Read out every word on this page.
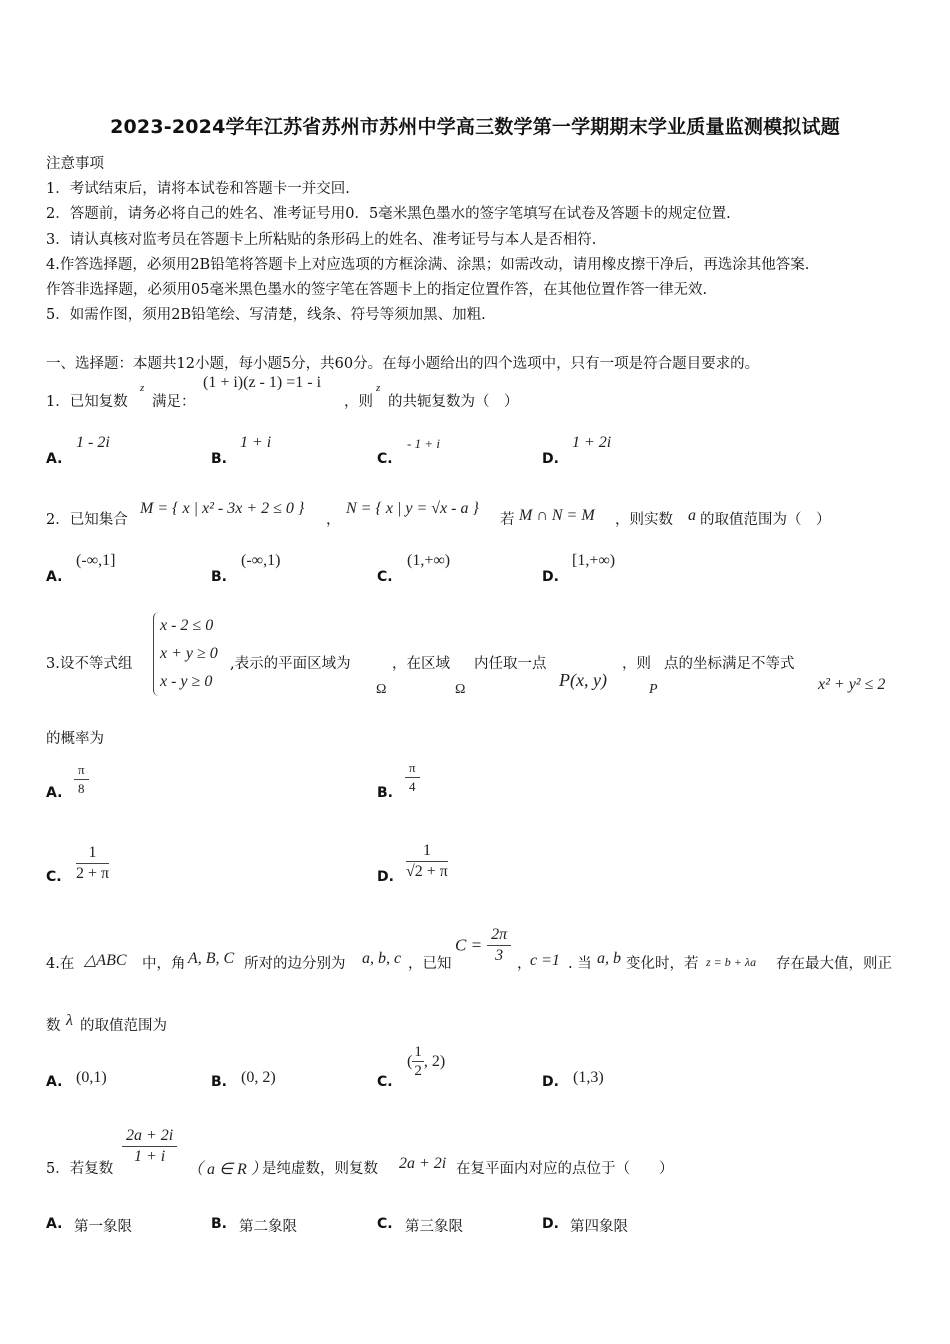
2023-2024学年江苏省苏州市苏州中学高三数学第一学期期末学业质量监测模拟试题
注意事项
1．考试结束后，请将本试卷和答题卡一并交回.
2．答题前，请务必将自己的姓名、准考证号用0．5毫米黑色墨水的签字笔填写在试卷及答题卡的规定位置.
3．请认真核对监考员在答题卡上所粘贴的条形码上的姓名、准考证号与本人是否相符.
4.作答选择题，必须用2B铅笔将答题卡上对应选项的方框涂满、涂黑；如需改动，请用橡皮擦干净后，再选涂其他答案.
作答非选择题，必须用05毫米黑色墨水的签字笔在答题卡上的指定位置作答，在其他位置作答一律无效.
5．如需作图，须用2B铅笔绘、写清楚，线条、符号等须加黑、加粗.
一、选择题：本题共12小题，每小题5分，共60分。在每小题给出的四个选项中，只有一项是符合题目要求的。
1．已知复数
z
满足：
(1 + i)(z - 1) =1 - i
，则
z
的共轭复数为（　）
A.
1 - 2i
B.
1 + i
C.
- 1 + i
D.
1 + 2i
2．已知集合
M = { x | x² - 3x + 2 ≤ 0 }
，
N = { x | y = √x - a }
若 M ∩ N = M ，则实数 a 的取值范围为（　）
A.
(-∞,1]
B.
(-∞,1)
C.
(1,+∞)
D.
[1,+∞)
3.设不等式组
x - 2 ≤ 0
x + y ≥ 0
x - y ≥ 0
,表示的平面区域为
Ω
，在区域
Ω
内任取一点
P(x, y)
，则
P
点的坐标满足不等式
x² + y² ≤ 2
的概率为
A. $\frac{\pi}{8}$	B. $\frac{\pi}{4}$
C. $\frac{1}{2 + \pi}$	D. $\frac{1}{√2 + \pi}$
4.在 △ABC 中，角 A, B, C 所对的边分别为 a, b, c ，已知
$C = \frac{2\pi}{3}$ ，
c =1 . 当 a, b 变化时，若 z = b + λa 存在最大值，则正
数 λ 的取值范围为
A. (0,1)	B. (0, 2)	C.
( $\frac{1}{2}$ , 2)
D. (1,3)
5．若复数
$\frac{2a + 2i}{1 + i}$
（ a ∈ R ）
是纯虚数，则复数 2a + 2i 在复平面内对应的点位于（　　）
A. 第一象限	B. 第二象限	C. 第三象限	D. 第四象限
